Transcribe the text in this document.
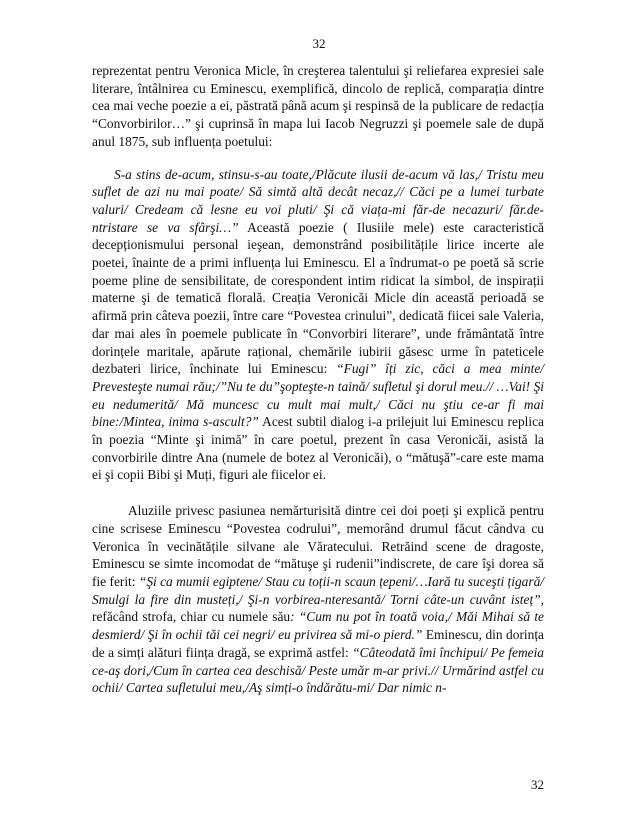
32

reprezentat pentru Veronica Micle, în creşterea talentului şi reliefarea expresiei sale literare, întâlnirea cu Eminescu, exemplifică, dincolo de replică, comparația dintre cea mai veche poezie a ei, păstrată până acum şi respinsă de la publicare de redacția “Convorbirilor…” şi cuprinsă în mapa lui Iacob Negruzzi şi poemele sale de după anul 1875, sub influența poetului:

S-a stins de-acum, stinsu-s-au toate,/Plăcute ilusii de-acum vă las,/ Tristu meu suflet de azi nu mai poate/ Să simtă altă decât necaz,// Căci pe a lumei turbate valuri/ Credeam că lesne eu voi pluti/ Şi că viața-mi făr-de necazuri/ făr.de-ntristare se va sfârşi…” Această poezie ( Ilusiile mele) este caracteristică decepționismului personal ieşean, demonstrând posibilitățile lirice incerte ale poetei, înainte de a primi influența lui Eminescu. El a îndrumat-o pe poetă să scrie poeme pline de sensibilitate, de corespondent intim ridicat la simbol, de inspirații materne şi de tematică florală. Creația Veronicăi Micle din această perioadă se afirmă prin câteva poezii, între care “Povestea crinului”, dedicată fiicei sale Valeria, dar mai ales în poemele publicate în “Convorbiri literare”, unde frământată între dorințele maritale, apărute rațional, chemările iubirii găsesc urme în pateticele dezbateri lirice, închinate lui Eminescu: “Fugi” îți zic, căci a mea minte/ Prevesteşte numai rău;/”Nu te du”şopteşte-n taină/ sufletul şi dorul meu.// …Vai! Şi eu nedumerită/ Mă muncesc cu mult mai mult,/ Căci nu ştiu ce-ar fi mai bine:/Mintea, inima s-ascult?” Acest subtil dialog i-a prilejuit lui Eminescu replica în poezia “Minte şi inimă” în care poetul, prezent în casa Veronicăi, asistă la convorbirile dintre Ana (numele de botez al Veronicăi), o “mătuşă”-care este mama ei şi copii Bibi şi Muți, figuri ale fiicelor ei.

Aluziile privesc pasiunea nemărturisită dintre cei doi poeți şi explică pentru cine scrisese Eminescu “Povestea codrului”, memorând drumul făcut cândva cu Veronica în vecinătățile silvane ale Văratecului. Retrăind scene de dragoste, Eminescu se simte incomodat de “mătuşe şi rudenii”indiscrete, de care îşi dorea să fie ferit: “Şi ca mumii egiptene/ Stau cu toții-n scaun țepeni/…Iară tu suceşti țigară/ Smulgi la fire din musteți,/ Şi-n vorbirea-nteresantă/ Torni câte-un cuvânt isteț”, refăcând strofa, chiar cu numele său: “Cum nu pot în toată voia,/ Măi Mihai să te desmierd/ Şi în ochii tăi cei negri/ eu privirea să mi-o pierd.” Eminescu, din dorința de a simți alături ființa dragă, se exprimă astfel: “Câteodată îmi închipui/ Pe femeia ce-aş dori,/Cum în cartea cea deschisă/ Peste umăr m-ar privi.// Urmărind astfel cu ochii/ Cartea sufletului meu,/Aş simți-o îndărătu-mi/ Dar nimic n-

32
